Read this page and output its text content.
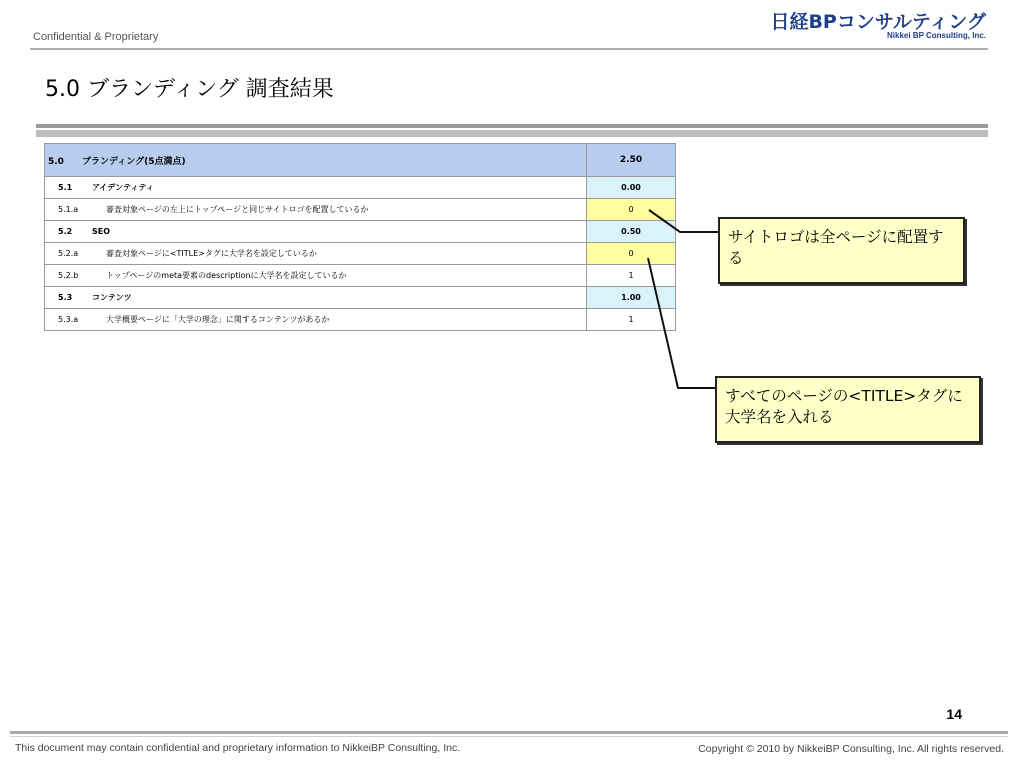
Confidential & Proprietary
日経BPコンサルティング
Nikkei BP Consulting, Inc.
5.0 ブランディング 調査結果
5.0 ブランディング(5点満点)	2.50
5.1 アイデンティティ	0.00
5.1.a 審査対象ページの左上にトップページと同じサイトロゴを配置しているか	0
5.2 SEO	0.50
5.2.a 審査対象ページに<TITLE>タグに大学名を設定しているか	0
5.2.b トップページのmeta要素のdescriptionに大学名を設定しているか	1
5.3 コンテンツ	1.00
5.3.a 大学概要ページに「大学の理念」に関するコンテンツがあるか	1
サイトロゴは全ページに配置する
すべてのページの<TITLE>タグに大学名を入れる
14
This document may contain confidential and proprietary information to NikkeiBP Consulting, Inc.	Copyright © 2010 by NikkeiBP Consulting, Inc. All rights reserved.
